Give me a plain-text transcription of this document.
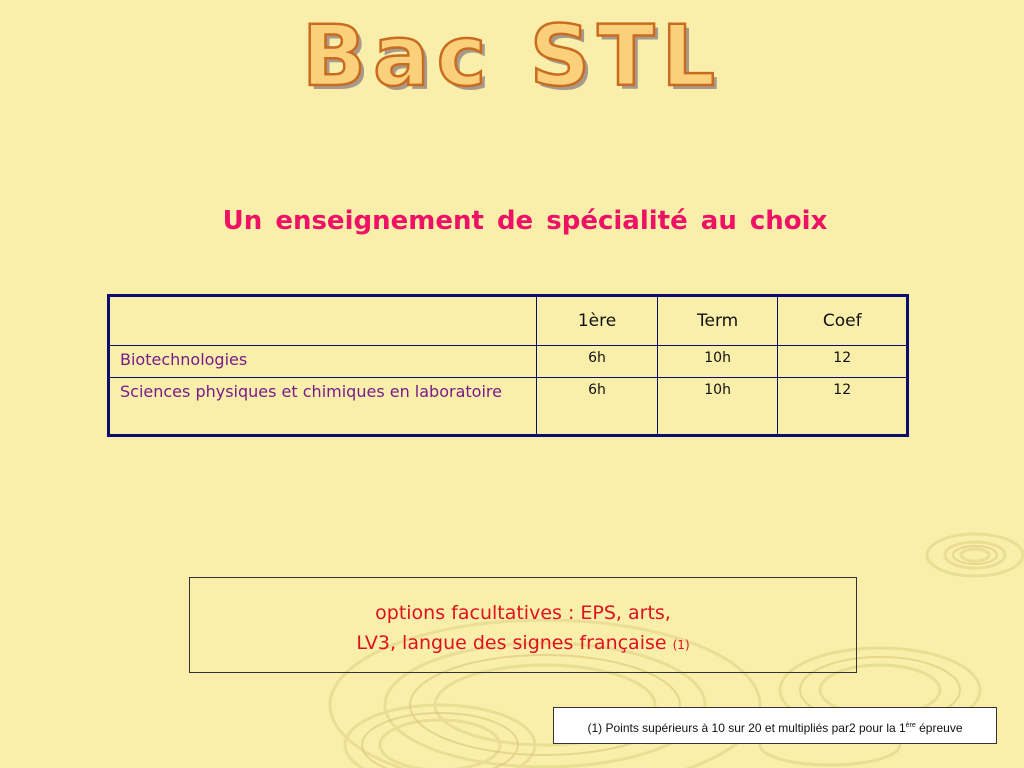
Bac STL
Un enseignement de spécialité au choix
	1ère	Term	Coef
Biotechnologies	6h	10h	12
Sciences physiques et chimiques en laboratoire	6h	10h	12
options facultatives : EPS, arts,
LV3, langue des signes française (1)
(1) Points supérieurs à 10 sur 20 et multipliés par2 pour la 1ère épreuve
